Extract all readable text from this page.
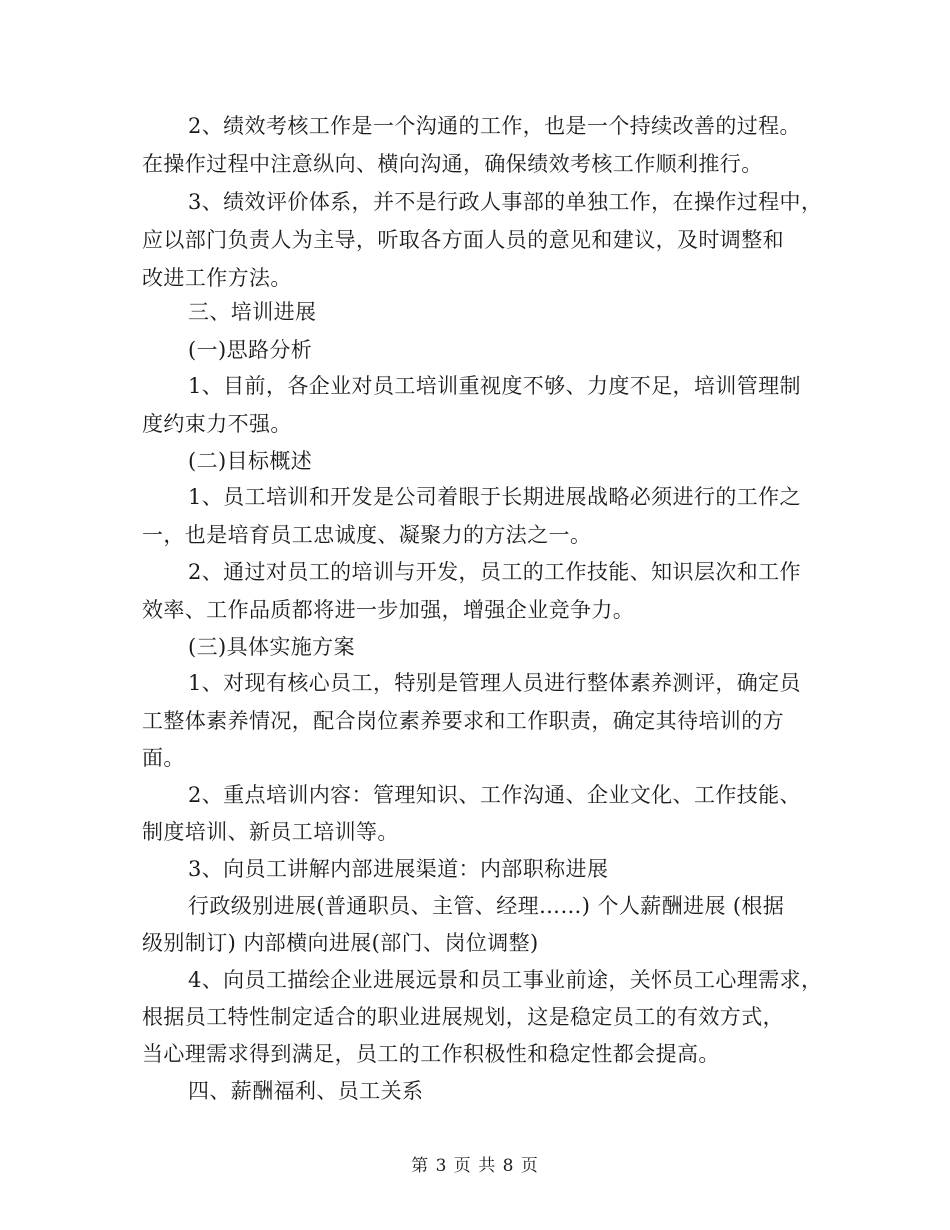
2、绩效考核工作是一个沟通的工作，也是一个持续改善的过程。
在操作过程中注意纵向、横向沟通，确保绩效考核工作顺利推行。
3、绩效评价体系，并不是行政人事部的单独工作，在操作过程中，
应以部门负责人为主导，听取各方面人员的意见和建议，及时调整和
改进工作方法。
三、培训进展
(一)思路分析
1、目前，各企业对员工培训重视度不够、力度不足，培训管理制
度约束力不强。
(二)目标概述
1、员工培训和开发是公司着眼于长期进展战略必须进行的工作之
一，也是培育员工忠诚度、凝聚力的方法之一。
2、通过对员工的培训与开发，员工的工作技能、知识层次和工作
效率、工作品质都将进一步加强，增强企业竞争力。
(三)具体实施方案
1、对现有核心员工，特别是管理人员进行整体素养测评，确定员
工整体素养情况，配合岗位素养要求和工作职责，确定其待培训的方
面。
2、重点培训内容：管理知识、工作沟通、企业文化、工作技能、
制度培训、新员工培训等。
3、向员工讲解内部进展渠道：内部职称进展
行政级别进展(普通职员、主管、经理……) 个人薪酬进展 (根据
级别制订) 内部横向进展(部门、岗位调整)
4、向员工描绘企业进展远景和员工事业前途，关怀员工心理需求，
根据员工特性制定适合的职业进展规划，这是稳定员工的有效方式，
当心理需求得到满足，员工的工作积极性和稳定性都会提高。
四、薪酬福利、员工关系
第 3 页 共 8 页
